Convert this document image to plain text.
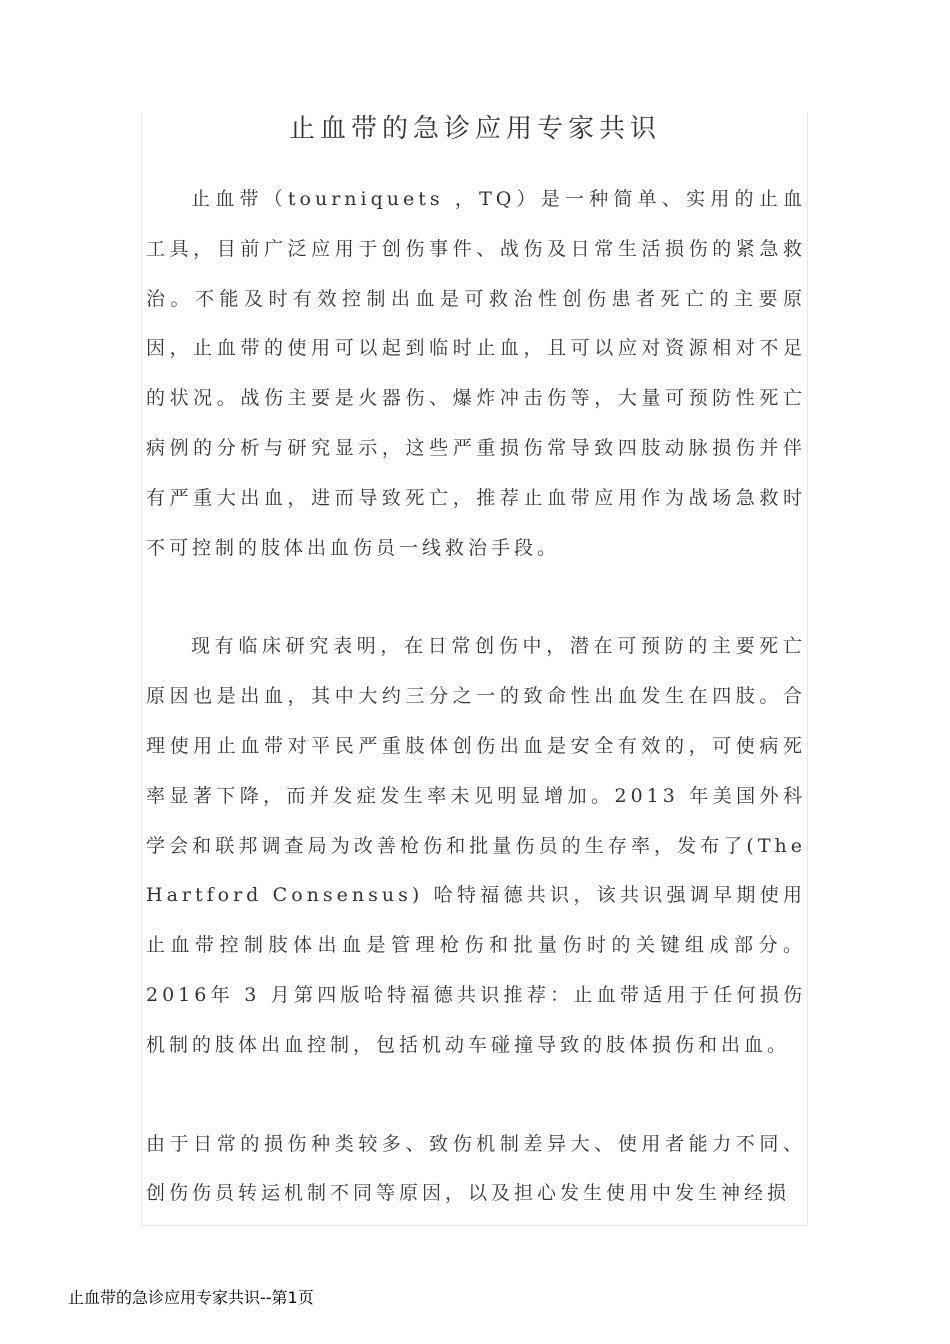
止血带的急诊应用专家共识

止血带（tourniquets ，TQ）是一种简单、实用的止血工具，目前广泛应用于创伤事件、战伤及日常生活损伤的紧急救治。不能及时有效控制出血是可救治性创伤患者死亡的主要原因，止血带的使用可以起到临时止血，且可以应对资源相对不足的状况。战伤主要是火器伤、爆炸冲击伤等，大量可预防性死亡病例的分析与研究显示，这些严重损伤常导致四肢动脉损伤并伴有严重大出血，进而导致死亡，推荐止血带应用作为战场急救时不可控制的肢体出血伤员一线救治手段。

现有临床研究表明，在日常创伤中，潜在可预防的主要死亡原因也是出血，其中大约三分之一的致命性出血发生在四肢。合理使用止血带对平民严重肢体创伤出血是安全有效的，可使病死率显著下降，而并发症发生率未见明显增加。2013 年美国外科学会和联邦调查局为改善枪伤和批量伤员的生存率，发布了(The Hartford Consensus) 哈特福德共识，该共识强调早期使用止血带控制肢体出血是管理枪伤和批量伤时的关键组成部分。2016年 3 月第四版哈特福德共识推荐：止血带适用于任何损伤机制的肢体出血控制，包括机动车碰撞导致的肢体损伤和出血。

由于日常的损伤种类较多、致伤机制差异大、使用者能力不同、创伤伤员转运机制不同等原因，以及担心发生使用中发生神经损

止血带的急诊应用专家共识--第1页
